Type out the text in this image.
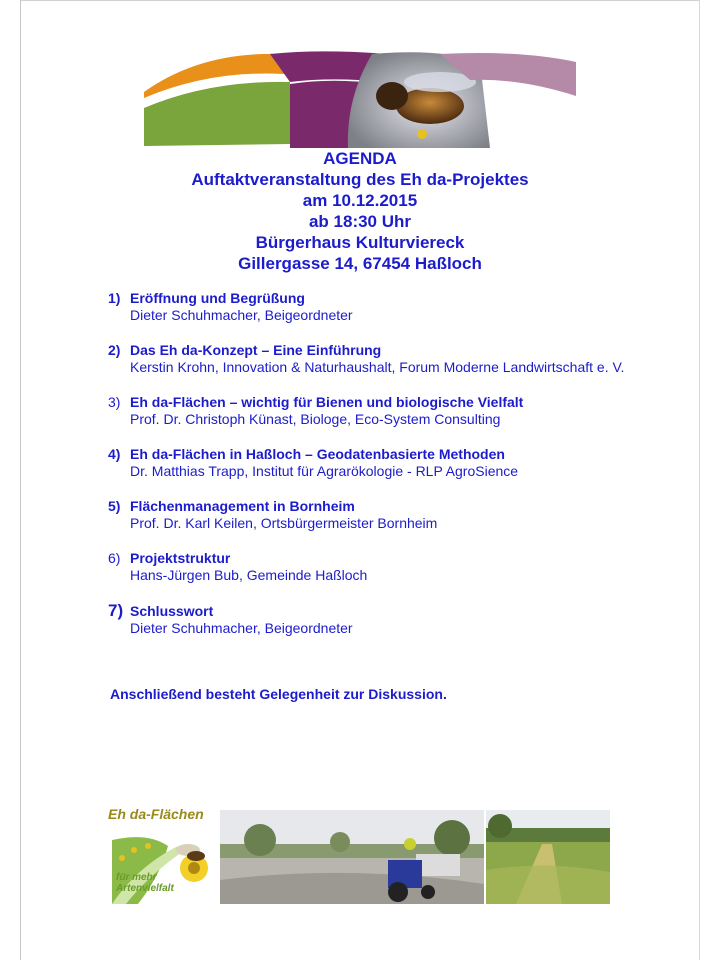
AGENDA
Auftaktveranstaltung des Eh da-Projektes
am 10.12.2015
ab 18:30 Uhr
Bürgerhaus Kulturviereck
Gillergasse 14, 67454 Haßloch
1) Eröffnung und Begrüßung
Dieter Schuhmacher, Beigeordneter
2) Das Eh da-Konzept – Eine Einführung
Kerstin Krohn, Innovation & Naturhaushalt, Forum Moderne Landwirtschaft e. V.
3) Eh da-Flächen – wichtig für Bienen und biologische Vielfalt
Prof. Dr. Christoph Künast, Biologe, Eco-System Consulting
4) Eh da-Flächen in Haßloch – Geodatenbasierte Methoden
Dr. Matthias Trapp, Institut für Agrarökologie - RLP AgroSience
5) Flächenmanagement in Bornheim
Prof. Dr. Karl Keilen, Ortsbürgermeister Bornheim
6) Projektstruktur
Hans-Jürgen Bub, Gemeinde Haßloch
7) Schlusswort
Dieter Schuhmacher, Beigeordneter
Anschließend besteht Gelegenheit zur Diskussion.
Eh da-Flächen
für mehr Artenvielfalt
